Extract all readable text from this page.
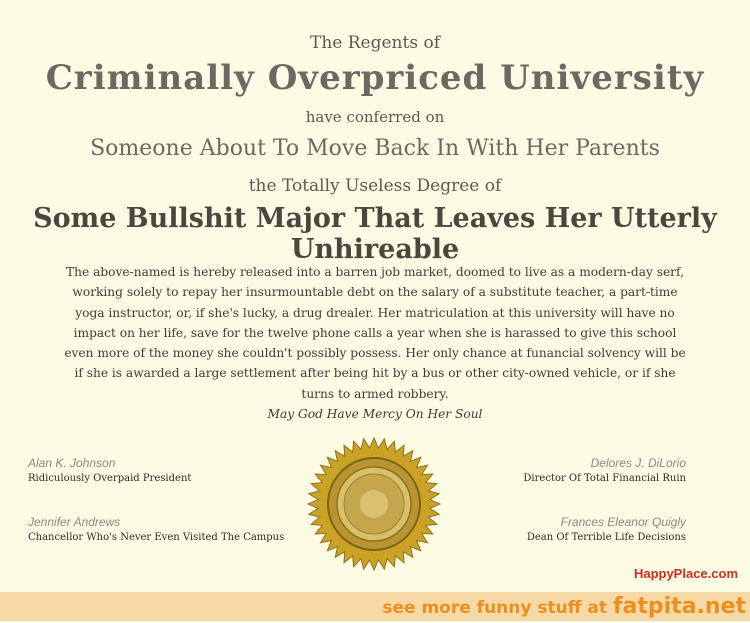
The Regents of
Criminally Overpriced University
have conferred on
Someone About To Move Back In With Her Parents
the Totally Useless Degree of
Some Bullshit Major That Leaves Her Utterly Unhireable
The above-named is hereby released into a barren job market, doomed to live as a modern-day serf, working solely to repay her insurmountable debt on the salary of a substitute teacher, a part-time yoga instructor, or, if she's lucky, a drug drealer. Her matriculation at this university will have no impact on her life, save for the twelve phone calls a year when she is harassed to give this school even more of the money she couldn't possibly possess. Her only chance at funancial solvency will be if she is awarded a large settlement after being hit by a bus or other city-owned vehicle, or if she turns to armed robbery.
May God Have Mercy On Her Soul
Alan K. Johnson
Ridiculously Overpaid President
Jennifer Andrews
Chancellor Who's Never Even Visited The Campus
Delores J. DiLorio
Director Of Total Financial Ruin
Frances Eleanor Quigly
Dean Of Terrible Life Decisions
HappyPlace.com
see more funny stuff at fatpita.net
